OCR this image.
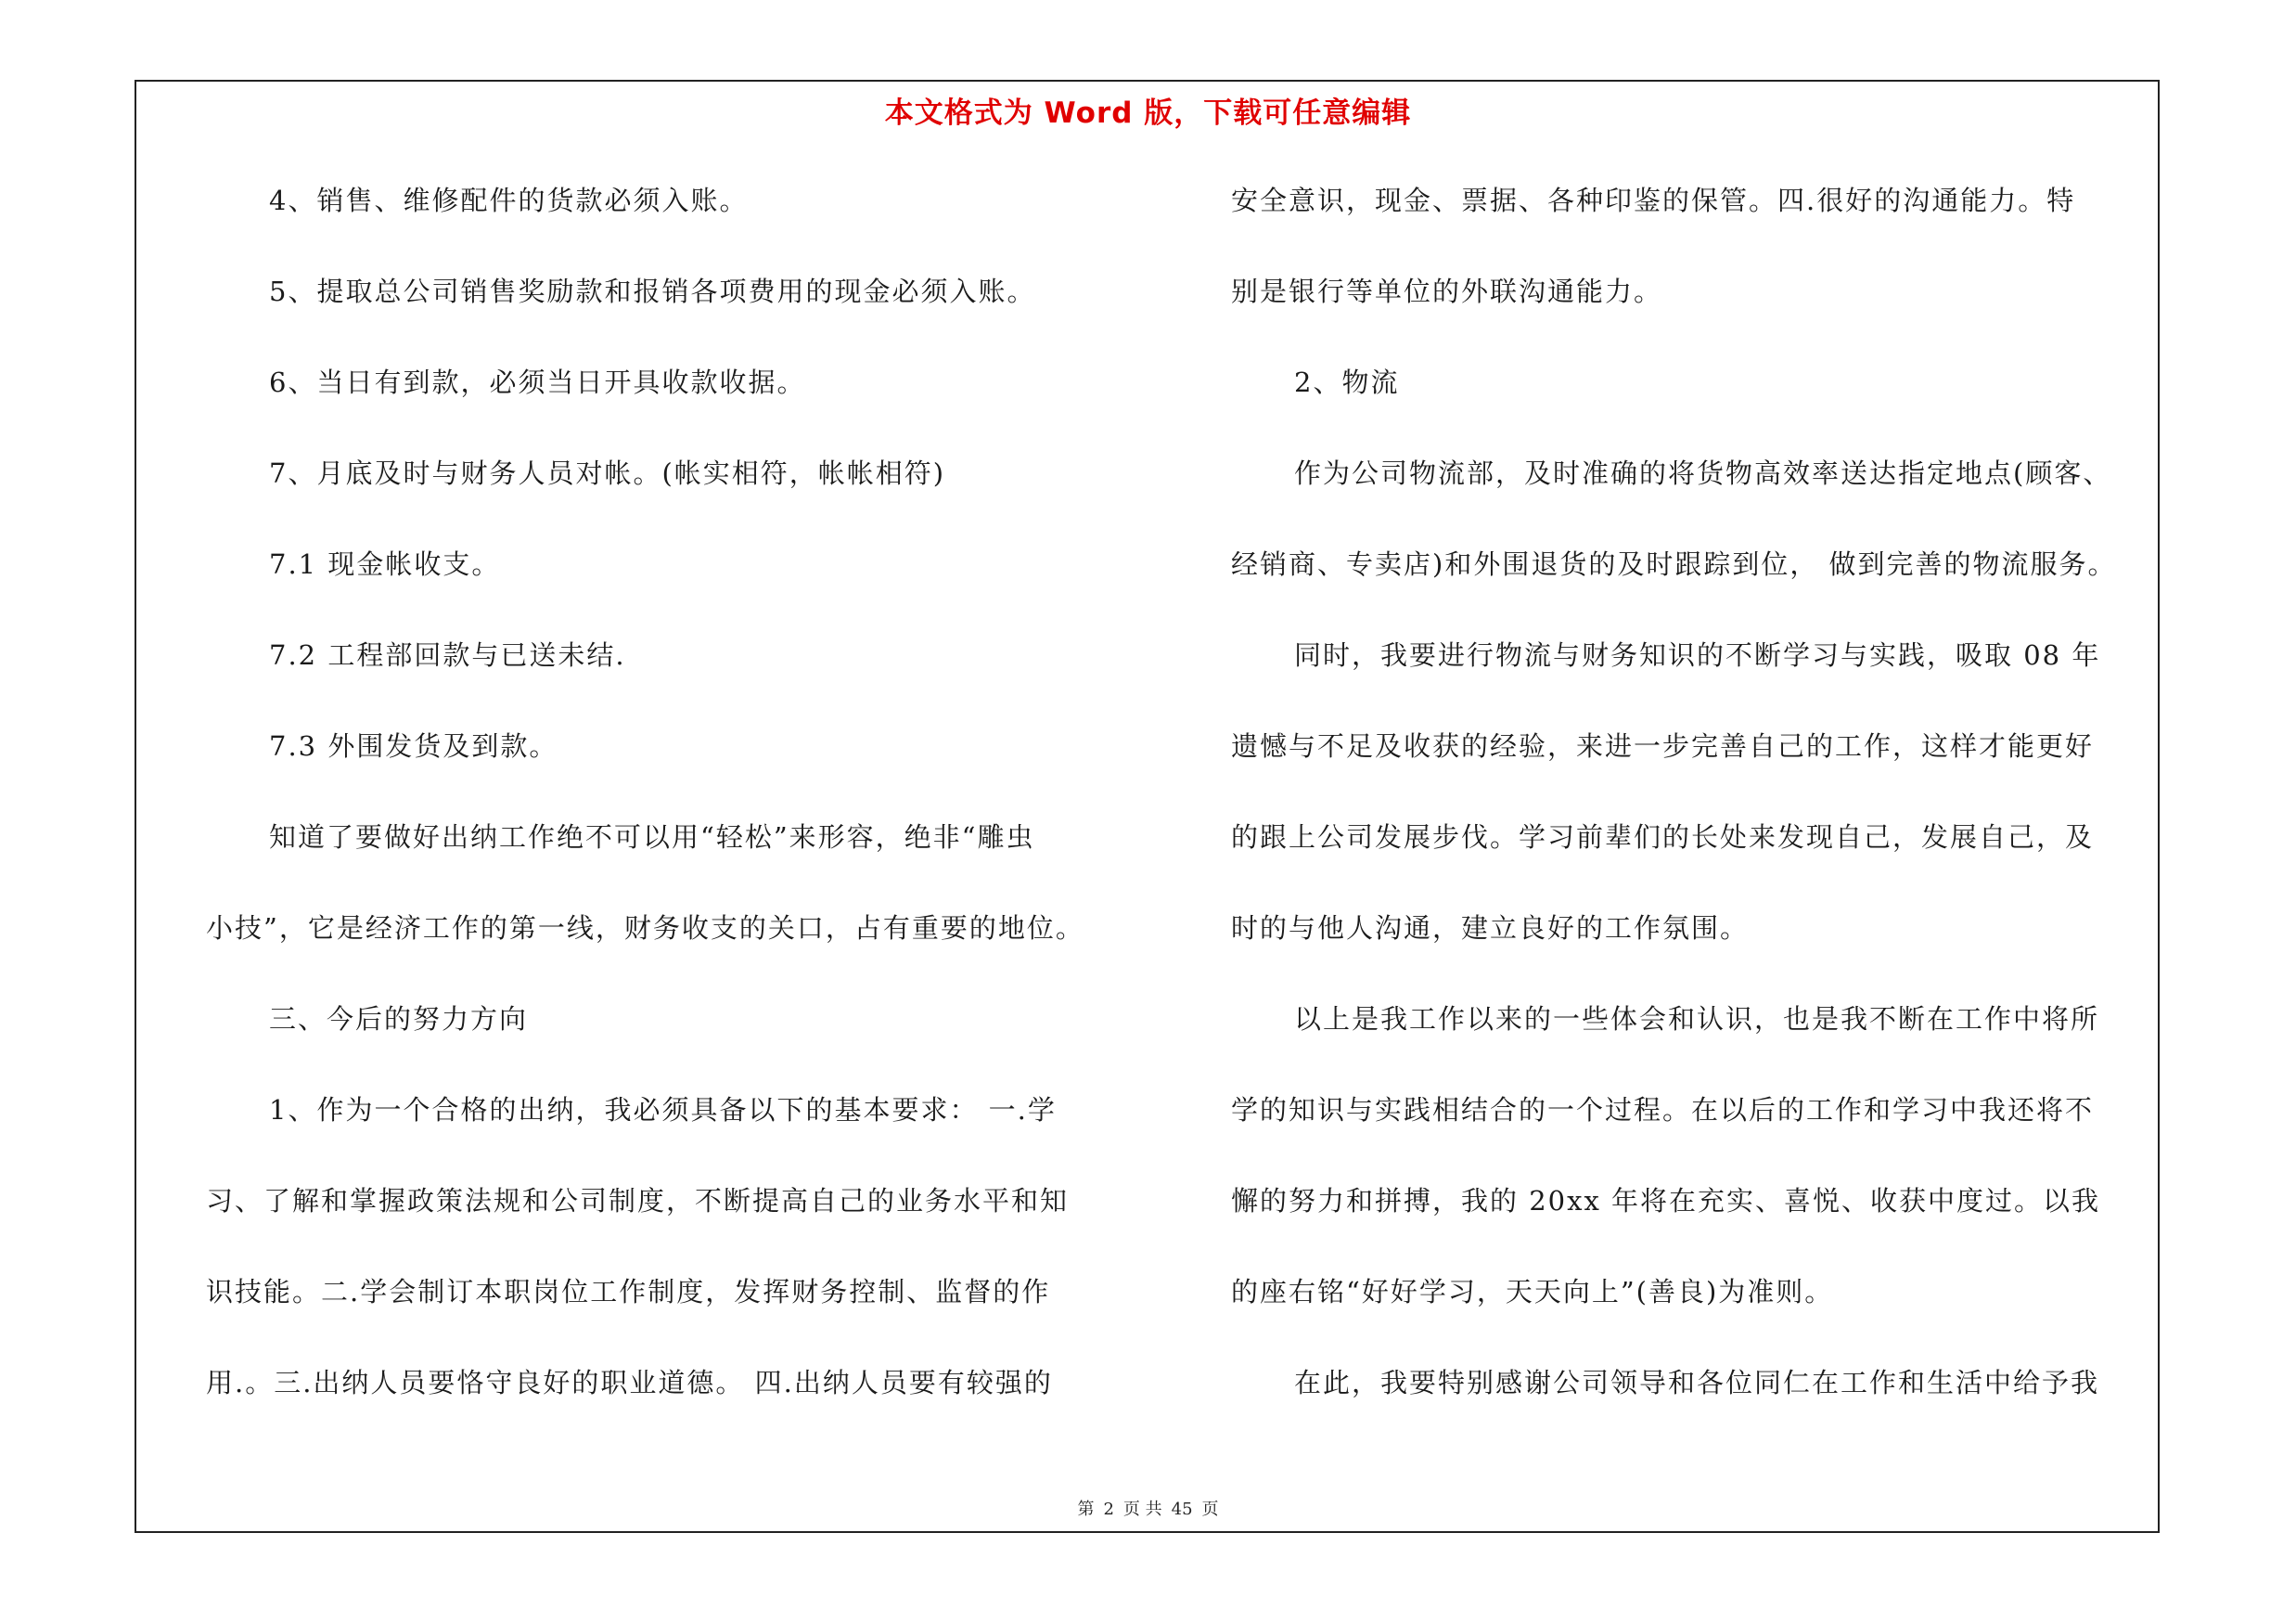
本文格式为 Word 版，下载可任意编辑
4、销售、维修配件的货款必须入账。
5、提取总公司销售奖励款和报销各项费用的现金必须入账。
6、当日有到款，必须当日开具收款收据。
7、月底及时与财务人员对帐。(帐实相符，帐帐相符)
7.1 现金帐收支。
7.2 工程部回款与已送未结.
7.3 外围发货及到款。
知道了要做好出纳工作绝不可以用“轻松”来形容，绝非“雕虫
小技”，它是经济工作的第一线，财务收支的关口，占有重要的地位。
三、今后的努力方向
1、作为一个合格的出纳，我必须具备以下的基本要求： 一.学
习、了解和掌握政策法规和公司制度，不断提高自己的业务水平和知
识技能。二.学会制订本职岗位工作制度，发挥财务控制、监督的作
用.。三.出纳人员要恪守良好的职业道德。 四.出纳人员要有较强的
安全意识，现金、票据、各种印鉴的保管。四.很好的沟通能力。特
别是银行等单位的外联沟通能力。
2、物流
作为公司物流部，及时准确的将货物高效率送达指定地点(顾客、
经销商、专卖店)和外围退货的及时跟踪到位， 做到完善的物流服务。
同时，我要进行物流与财务知识的不断学习与实践，吸取 08 年
遗憾与不足及收获的经验，来进一步完善自己的工作，这样才能更好
的跟上公司发展步伐。学习前辈们的长处来发现自己，发展自己，及
时的与他人沟通，建立良好的工作氛围。
以上是我工作以来的一些体会和认识，也是我不断在工作中将所
学的知识与实践相结合的一个过程。在以后的工作和学习中我还将不
懈的努力和拼搏，我的 20xx 年将在充实、喜悦、收获中度过。以我
的座右铭“好好学习，天天向上”(善良)为准则。
在此，我要特别感谢公司领导和各位同仁在工作和生活中给予我
第 2 页 共 45 页
